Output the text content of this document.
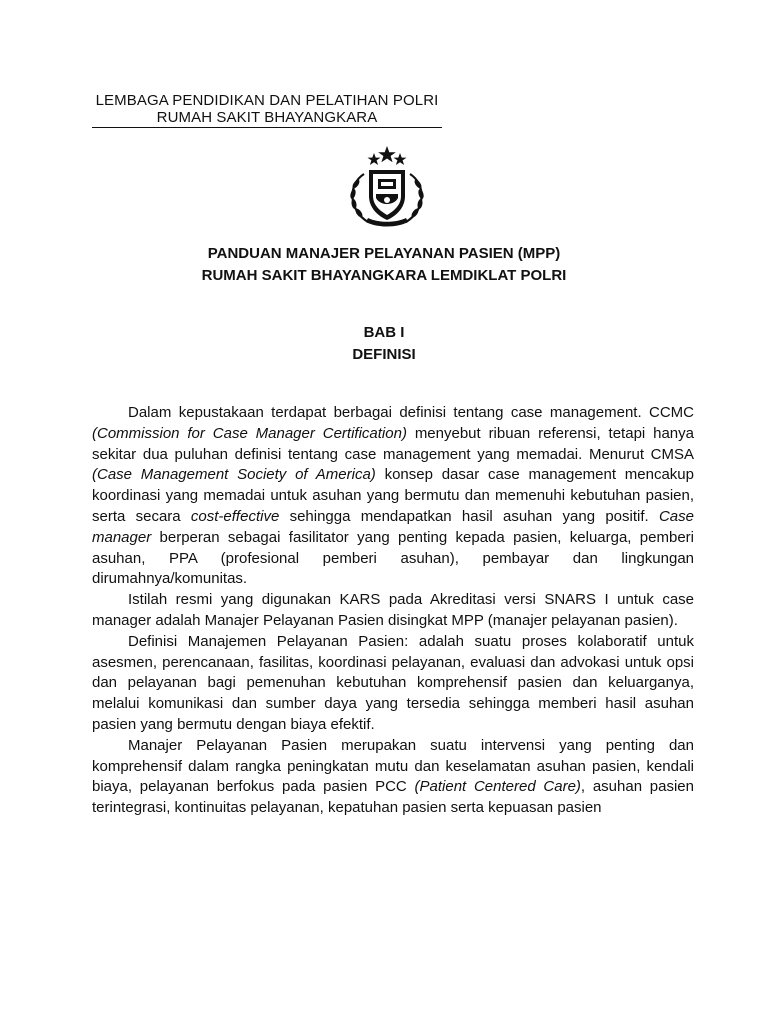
LEMBAGA PENDIDIKAN DAN PELATIHAN POLRI
RUMAH SAKIT BHAYANGKARA
PANDUAN MANAJER PELAYANAN PASIEN (MPP)
RUMAH SAKIT BHAYANGKARA LEMDIKLAT POLRI
BAB I
DEFINISI

Dalam kepustakaan terdapat berbagai definisi tentang case management. CCMC (Commission for Case Manager Certification) menyebut ribuan referensi, tetapi hanya sekitar dua puluhan definisi tentang case management yang memadai. Menurut CMSA (Case Management Society of America) konsep dasar case management mencakup koordinasi yang memadai untuk asuhan yang bermutu dan memenuhi kebutuhan pasien, serta secara cost-effective sehingga mendapatkan hasil asuhan yang positif. Case manager berperan sebagai fasilitator yang penting kepada pasien, keluarga, pemberi asuhan, PPA (profesional pemberi asuhan), pembayar dan lingkungan dirumahnya/komunitas.

Istilah resmi yang digunakan KARS pada Akreditasi versi SNARS I untuk case manager adalah Manajer Pelayanan Pasien disingkat MPP (manajer pelayanan pasien).

Definisi Manajemen Pelayanan Pasien: adalah suatu proses kolaboratif untuk asesmen, perencanaan, fasilitas, koordinasi pelayanan, evaluasi dan advokasi untuk opsi dan pelayanan bagi pemenuhan kebutuhan komprehensif pasien dan keluarganya, melalui komunikasi dan sumber daya yang tersedia sehingga memberi hasil asuhan pasien yang bermutu dengan biaya efektif.

Manajer Pelayanan Pasien merupakan suatu intervensi yang penting dan komprehensif dalam rangka peningkatan mutu dan keselamatan asuhan pasien, kendali biaya, pelayanan berfokus pada pasien PCC (Patient Centered Care), asuhan pasien terintegrasi, kontinuitas pelayanan, kepatuhan pasien serta kepuasan pasien
